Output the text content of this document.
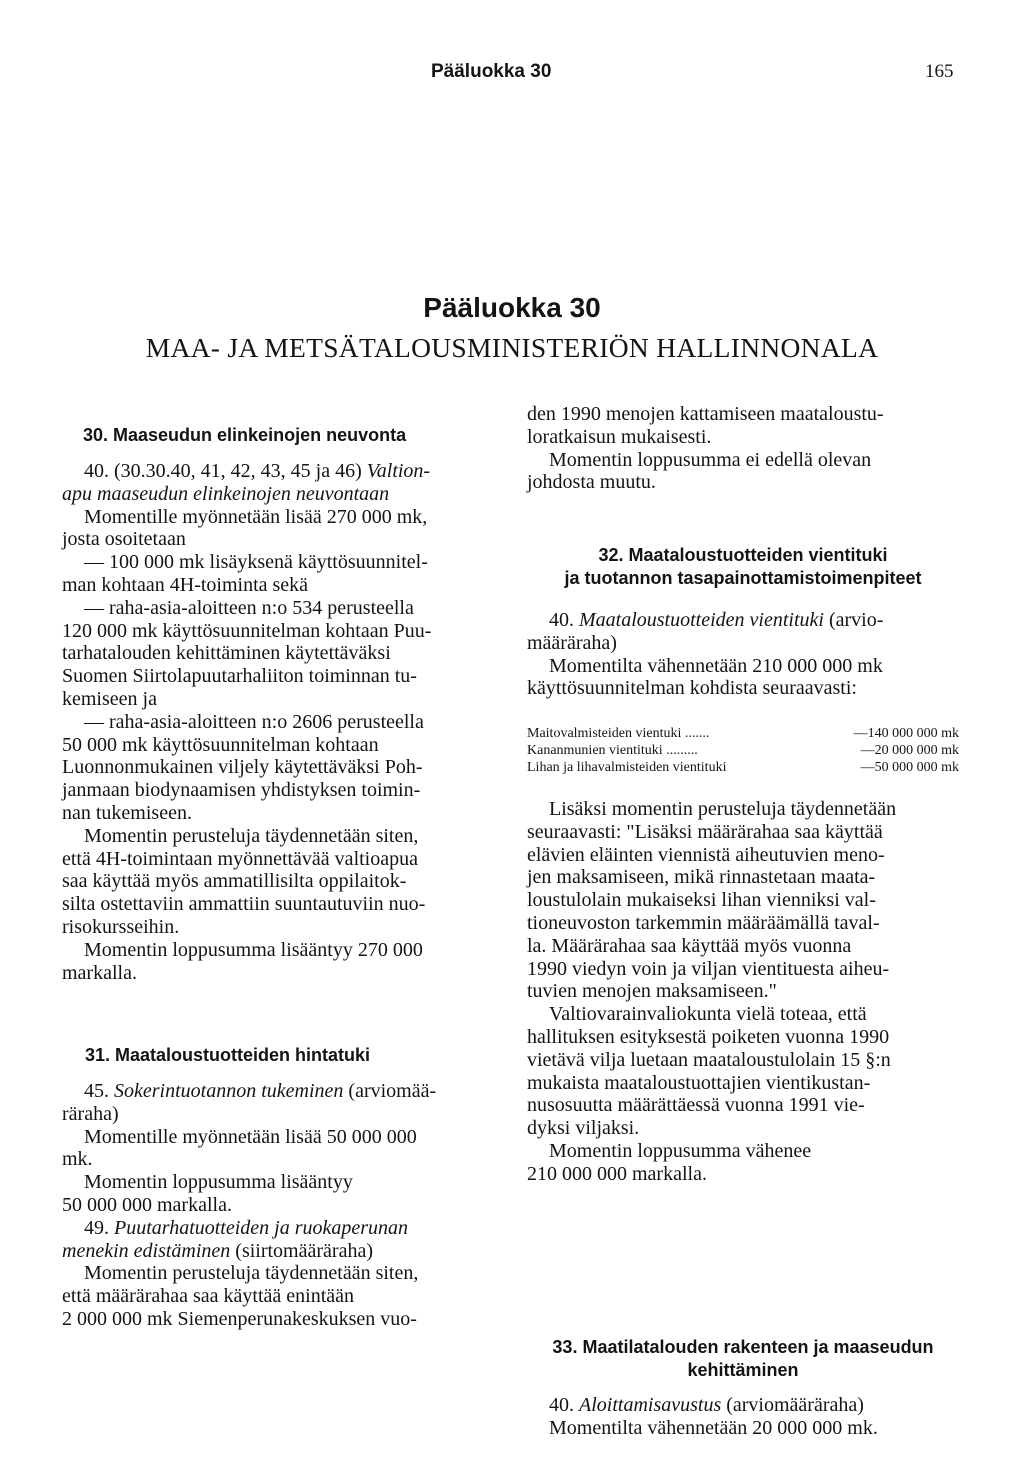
Pääluokka 30	165
Pääluokka 30
MAA- JA METSÄTALOUSMINISTERIÖN HALLINNONALA
30. Maaseudun elinkeinojen neuvonta

40. (30.30.40, 41, 42, 43, 45 ja 46) Valtion-

apu maaseudun elinkeinojen neuvontaan

Momentille myönnetään lisää 270 000 mk,

josta osoitetaan

— 100 000 mk lisäyksenä käyttösuunnitel-

man kohtaan 4H-toiminta sekä

— raha-asia-aloitteen n:o 534 perusteella

120 000 mk käyttösuunnitelman kohtaan Puu-

tarhatalouden kehittäminen käytettäväksi

Suomen Siirtolapuutarhaliiton toiminnan tu-

kemiseen ja

— raha-asia-aloitteen n:o 2606 perusteella

50 000 mk käyttösuunnitelman kohtaan

Luonnonmukainen viljely käytettäväksi Poh-

janmaan biodynaamisen yhdistyksen toimin-

nan tukemiseen.

Momentin perusteluja täydennetään siten,

että 4H-toimintaan myönnettävää valtioapua

saa käyttää myös ammatillisilta oppilaitok-

silta ostettaviin ammattiin suuntautuviin nuo-

risokursseihin.

Momentin loppusumma lisääntyy 270 000

markalla.

31. Maataloustuotteiden hintatuki

45. Sokerintuotannon tukeminen (arviomää-

räraha)

Momentille myönnetään lisää 50 000 000

mk.

Momentin loppusumma lisääntyy

50 000 000 markalla.

49. Puutarhatuotteiden ja ruokaperunan

menekin edistäminen (siirtomääräraha)

Momentin perusteluja täydennetään siten,

että määrärahaa saa käyttää enintään

2 000 000 mk Siemenperunakeskuksen vuo-

den 1990 menojen kattamiseen maataloustu-

loratkaisun mukaisesti.

Momentin loppusumma ei edellä olevan

johdosta muutu.

32. Maataloustuotteiden vientituki
ja tuotannon tasapainottamistoimenpiteet

40. Maataloustuotteiden vientituki (arvio-

määräraha)

Momentilta vähennetään 210 000 000 mk

käyttösuunnitelman kohdista seuraavasti:

Maitovalmisteiden vientuki .......	—140 000 000 mk
Kananmunien vientituki .........	—20 000 000 mk
Lihan ja lihavalmisteiden vientituki	—50 000 000 mk

Lisäksi momentin perusteluja täydennetään

seuraavasti: "Lisäksi määrärahaa saa käyttää

elävien eläinten viennistä aiheutuvien meno-

jen maksamiseen, mikä rinnastetaan maata-

loustulolain mukaiseksi lihan vienniksi val-

tioneuvoston tarkemmin määräämällä taval-

la. Määrärahaa saa käyttää myös vuonna

1990 viedyn voin ja viljan vientituesta aiheu-

tuvien menojen maksamiseen."

Valtiovarainvaliokunta vielä toteaa, että

hallituksen esityksestä poiketen vuonna 1990

vietävä vilja luetaan maataloustulolain 15 §:n

mukaista maataloustuottajien vientikustan-

nusosuutta määrättäessä vuonna 1991 vie-

dyksi viljaksi.

Momentin loppusumma vähenee

210 000 000 markalla.

33. Maatilatalouden rakenteen ja maaseudun
kehittäminen

40. Aloittamisavustus (arviomääräraha)

Momentilta vähennetään 20 000 000 mk.
